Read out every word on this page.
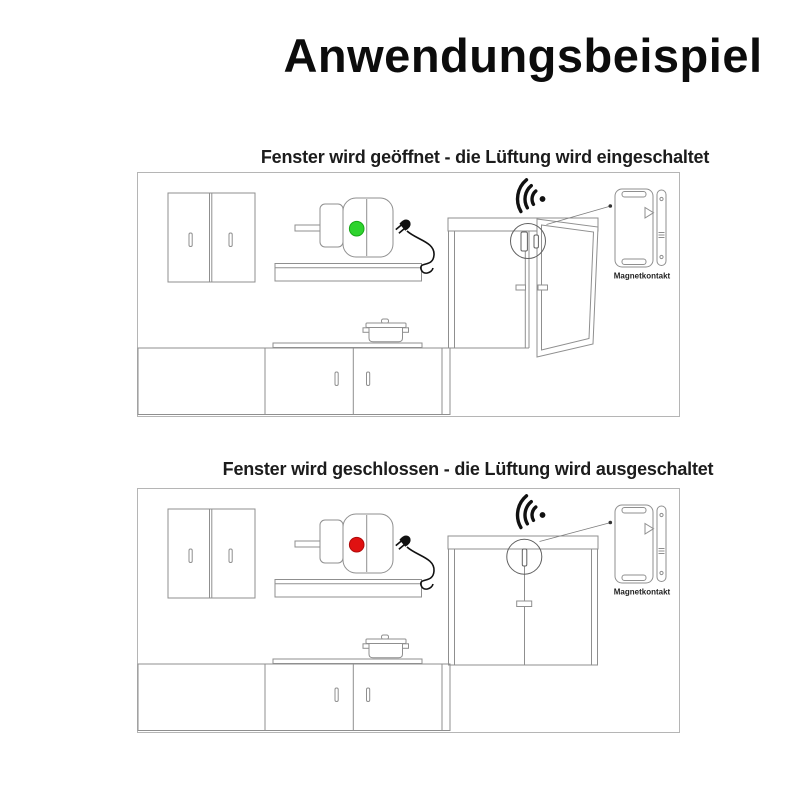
Anwendungsbeispiel
Fenster wird geöffnet - die Lüftung wird eingeschaltet
Magnetkontakt
Fenster wird geschlossen - die Lüftung wird ausgeschaltet
Magnetkontakt
